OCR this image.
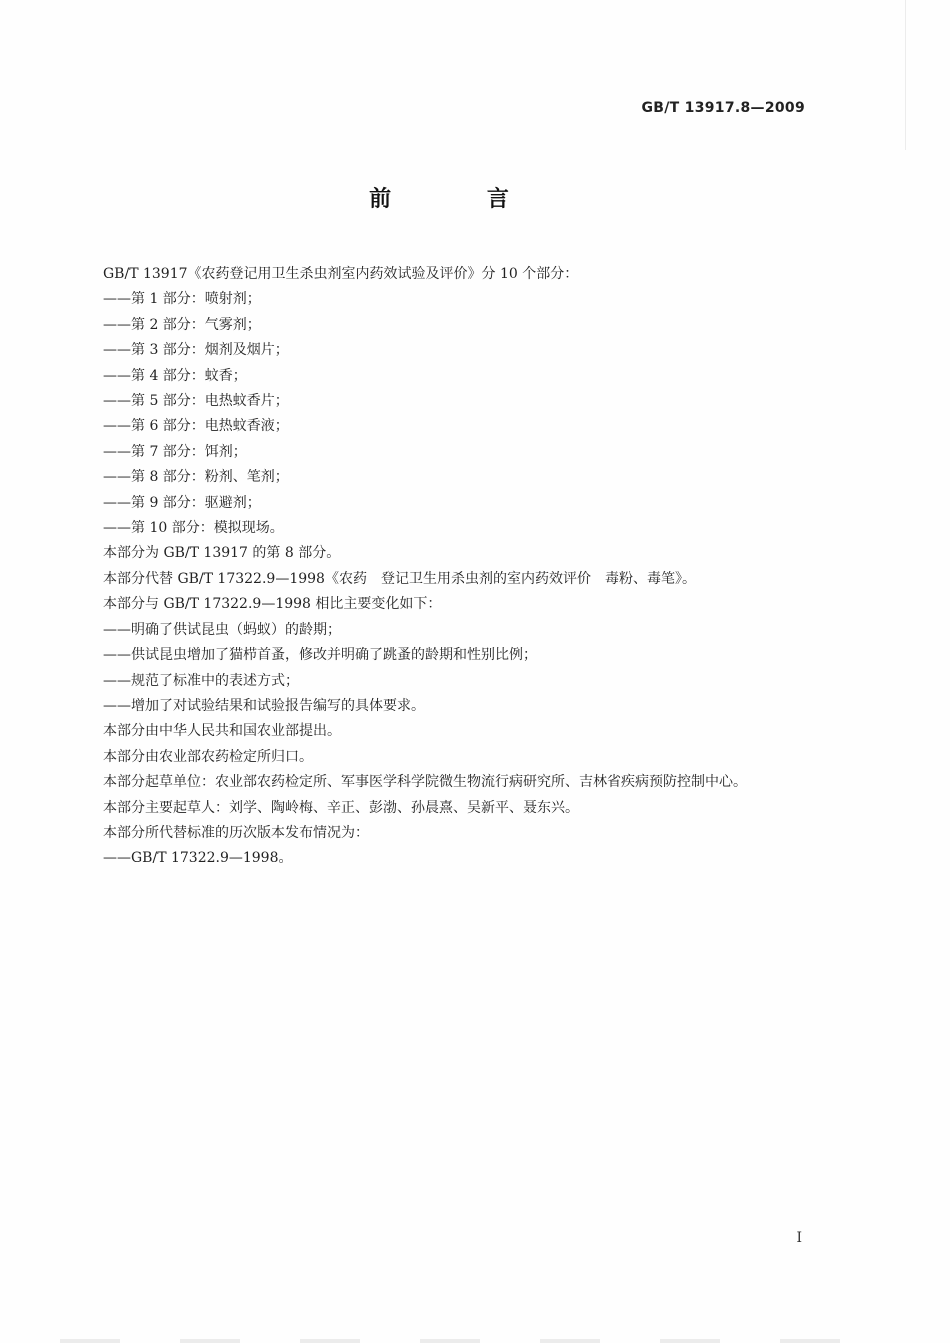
GB/T 13917.8—2009
前 言
GB/T 13917《农药登记用卫生杀虫剂室内药效试验及评价》分 10 个部分：
——第 1 部分：喷射剂；
——第 2 部分：气雾剂；
——第 3 部分：烟剂及烟片；
——第 4 部分：蚊香；
——第 5 部分：电热蚊香片；
——第 6 部分：电热蚊香液；
——第 7 部分：饵剂；
——第 8 部分：粉剂、笔剂；
——第 9 部分：驱避剂；
——第 10 部分：模拟现场。
本部分为 GB/T 13917 的第 8 部分。
本部分代替 GB/T 17322.9—1998《农药　登记卫生用杀虫剂的室内药效评价　毒粉、毒笔》。
本部分与 GB/T 17322.9—1998 相比主要变化如下：
——明确了供试昆虫（蚂蚁）的龄期；
——供试昆虫增加了猫栉首蚤，修改并明确了跳蚤的龄期和性别比例；
——规范了标准中的表述方式；
——增加了对试验结果和试验报告编写的具体要求。
本部分由中华人民共和国农业部提出。
本部分由农业部农药检定所归口。
本部分起草单位：农业部农药检定所、军事医学科学院微生物流行病研究所、吉林省疾病预防控制中心。
本部分主要起草人：刘学、陶岭梅、辛正、彭渤、孙晨熹、吴新平、聂东兴。
本部分所代替标准的历次版本发布情况为：
——GB/T 17322.9—1998。
I
